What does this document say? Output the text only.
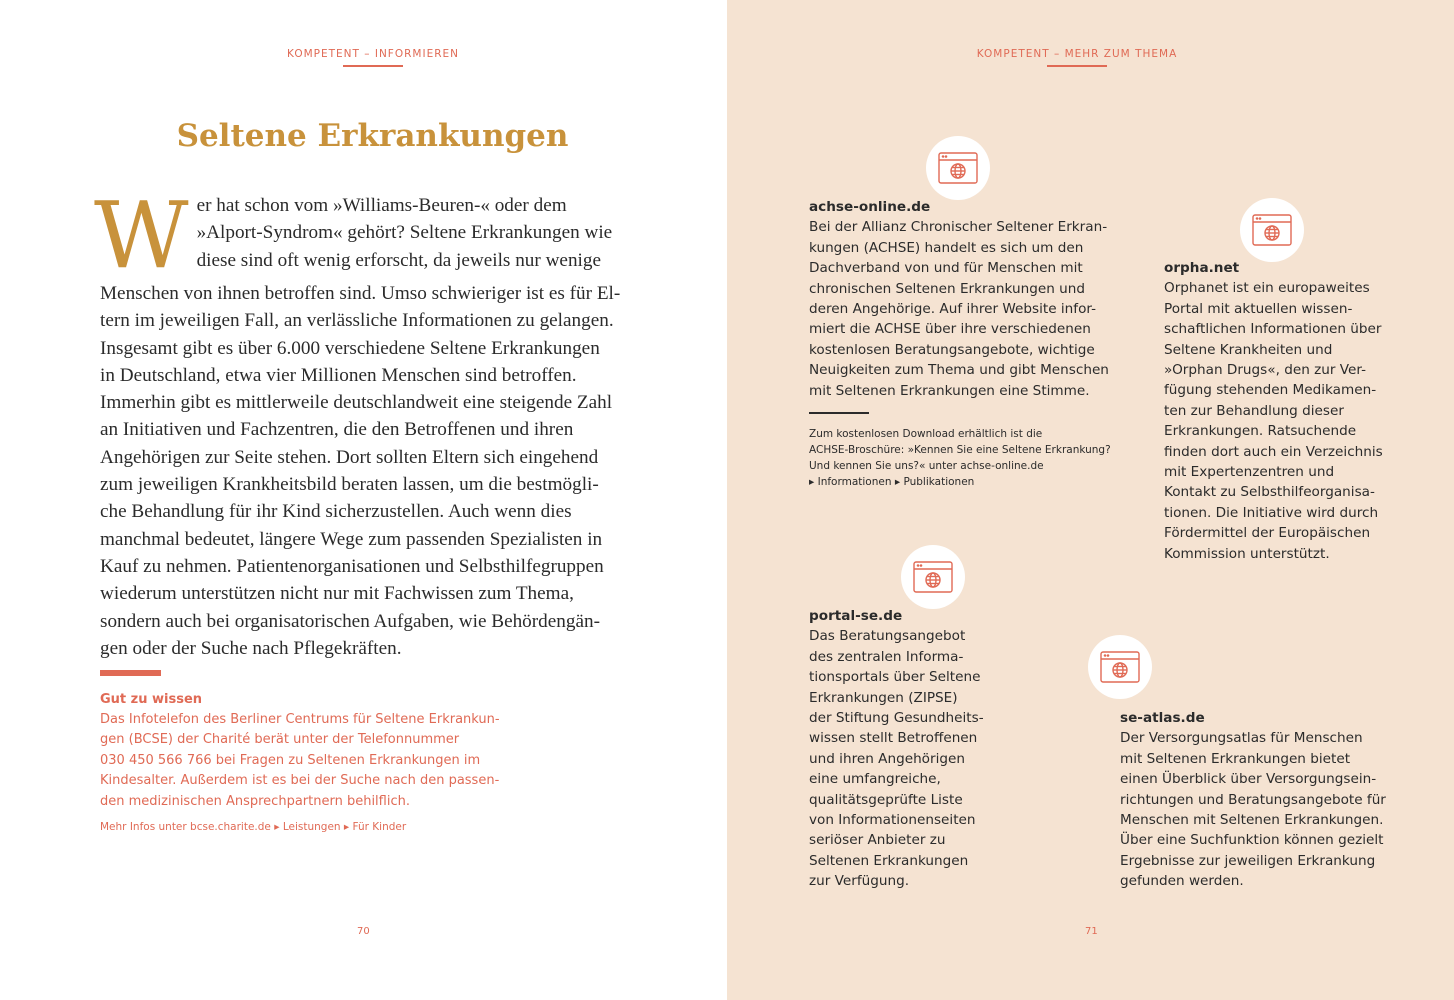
KOMPETENT – INFORMIEREN
Seltene Erkrankungen
W er hat schon vom »Williams-Beuren-« oder dem
»Alport-Syndrom« gehört? Seltene Erkrankungen wie
diese sind oft wenig erforscht, da jeweils nur wenige
Menschen von ihnen betroffen sind. Umso schwieriger ist es für El-
tern im jeweiligen Fall, an verlässliche Informationen zu gelangen.
Insgesamt gibt es über 6.000 verschiedene Seltene Erkrankungen
in Deutschland, etwa vier Millionen Menschen sind betroffen.
Immerhin gibt es mittlerweile deutschlandweit eine steigende Zahl
an Initiativen und Fachzentren, die den Betroffenen und ihren
Angehörigen zur Seite stehen. Dort sollten Eltern sich eingehend
zum jeweiligen Krankheitsbild beraten lassen, um die bestmögli-
che Behandlung für ihr Kind sicherzustellen. Auch wenn dies
manchmal bedeutet, längere Wege zum passenden Spezialisten in
Kauf zu nehmen. Patientenorganisationen und Selbsthilfegruppen
wiederum unterstützen nicht nur mit Fachwissen zum Thema,
sondern auch bei organisatorischen Aufgaben, wie Behördengän-
gen oder der Suche nach Pflegekräften.
Gut zu wissen
Das Infotelefon des Berliner Centrums für Seltene Erkrankun-
gen (BCSE) der Charité berät unter der Telefonnummer
030 450 566 766 bei Fragen zu Seltenen Erkrankungen im
Kindesalter. Außerdem ist es bei der Suche nach den passen-
den medizinischen Ansprechpartnern behilflich.
Mehr Infos unter bcse.charite.de ▸ Leistungen ▸ Für Kinder
70
KOMPETENT – MEHR ZUM THEMA
achse-online.de
Bei der Allianz Chronischer Seltener Erkran-
kungen (ACHSE) handelt es sich um den
Dachverband von und für Menschen mit
chronischen Seltenen Erkrankungen und
deren Angehörige. Auf ihrer Website infor-
miert die ACHSE über ihre verschiedenen
kostenlosen Beratungsangebote, wichtige
Neuigkeiten zum Thema und gibt Menschen
mit Seltenen Erkrankungen eine Stimme.
Zum kostenlosen Download erhältlich ist die
ACHSE-Broschüre: »Kennen Sie eine Seltene Erkrankung?
Und kennen Sie uns?« unter achse-online.de
▸ Informationen ▸ Publikationen
orpha.net
Orphanet ist ein europaweites
Portal mit aktuellen wissen-
schaftlichen Informationen über
Seltene Krankheiten und
»Orphan Drugs«, den zur Ver-
fügung stehenden Medikamen-
ten zur Behandlung dieser
Erkrankungen. Ratsuchende
finden dort auch ein Verzeichnis
mit Expertenzentren und
Kontakt zu Selbsthilfeorganisa-
tionen. Die Initiative wird durch
Fördermittel der Europäischen
Kommission unterstützt.
portal-se.de
Das Beratungsangebot
des zentralen Informa-
tionsportals über Seltene
Erkrankungen (ZIPSE)
der Stiftung Gesundheits-
wissen stellt Betroffenen
und ihren Angehörigen
eine umfangreiche,
qualitätsgeprüfte Liste
von Informationenseiten
seriöser Anbieter zu
Seltenen Erkrankungen
zur Verfügung.
se-atlas.de
Der Versorgungsatlas für Menschen
mit Seltenen Erkrankungen bietet
einen Überblick über Versorgungsein-
richtungen und Beratungsangebote für
Menschen mit Seltenen Erkrankungen.
Über eine Suchfunktion können gezielt
Ergebnisse zur jeweiligen Erkrankung
gefunden werden.
71
